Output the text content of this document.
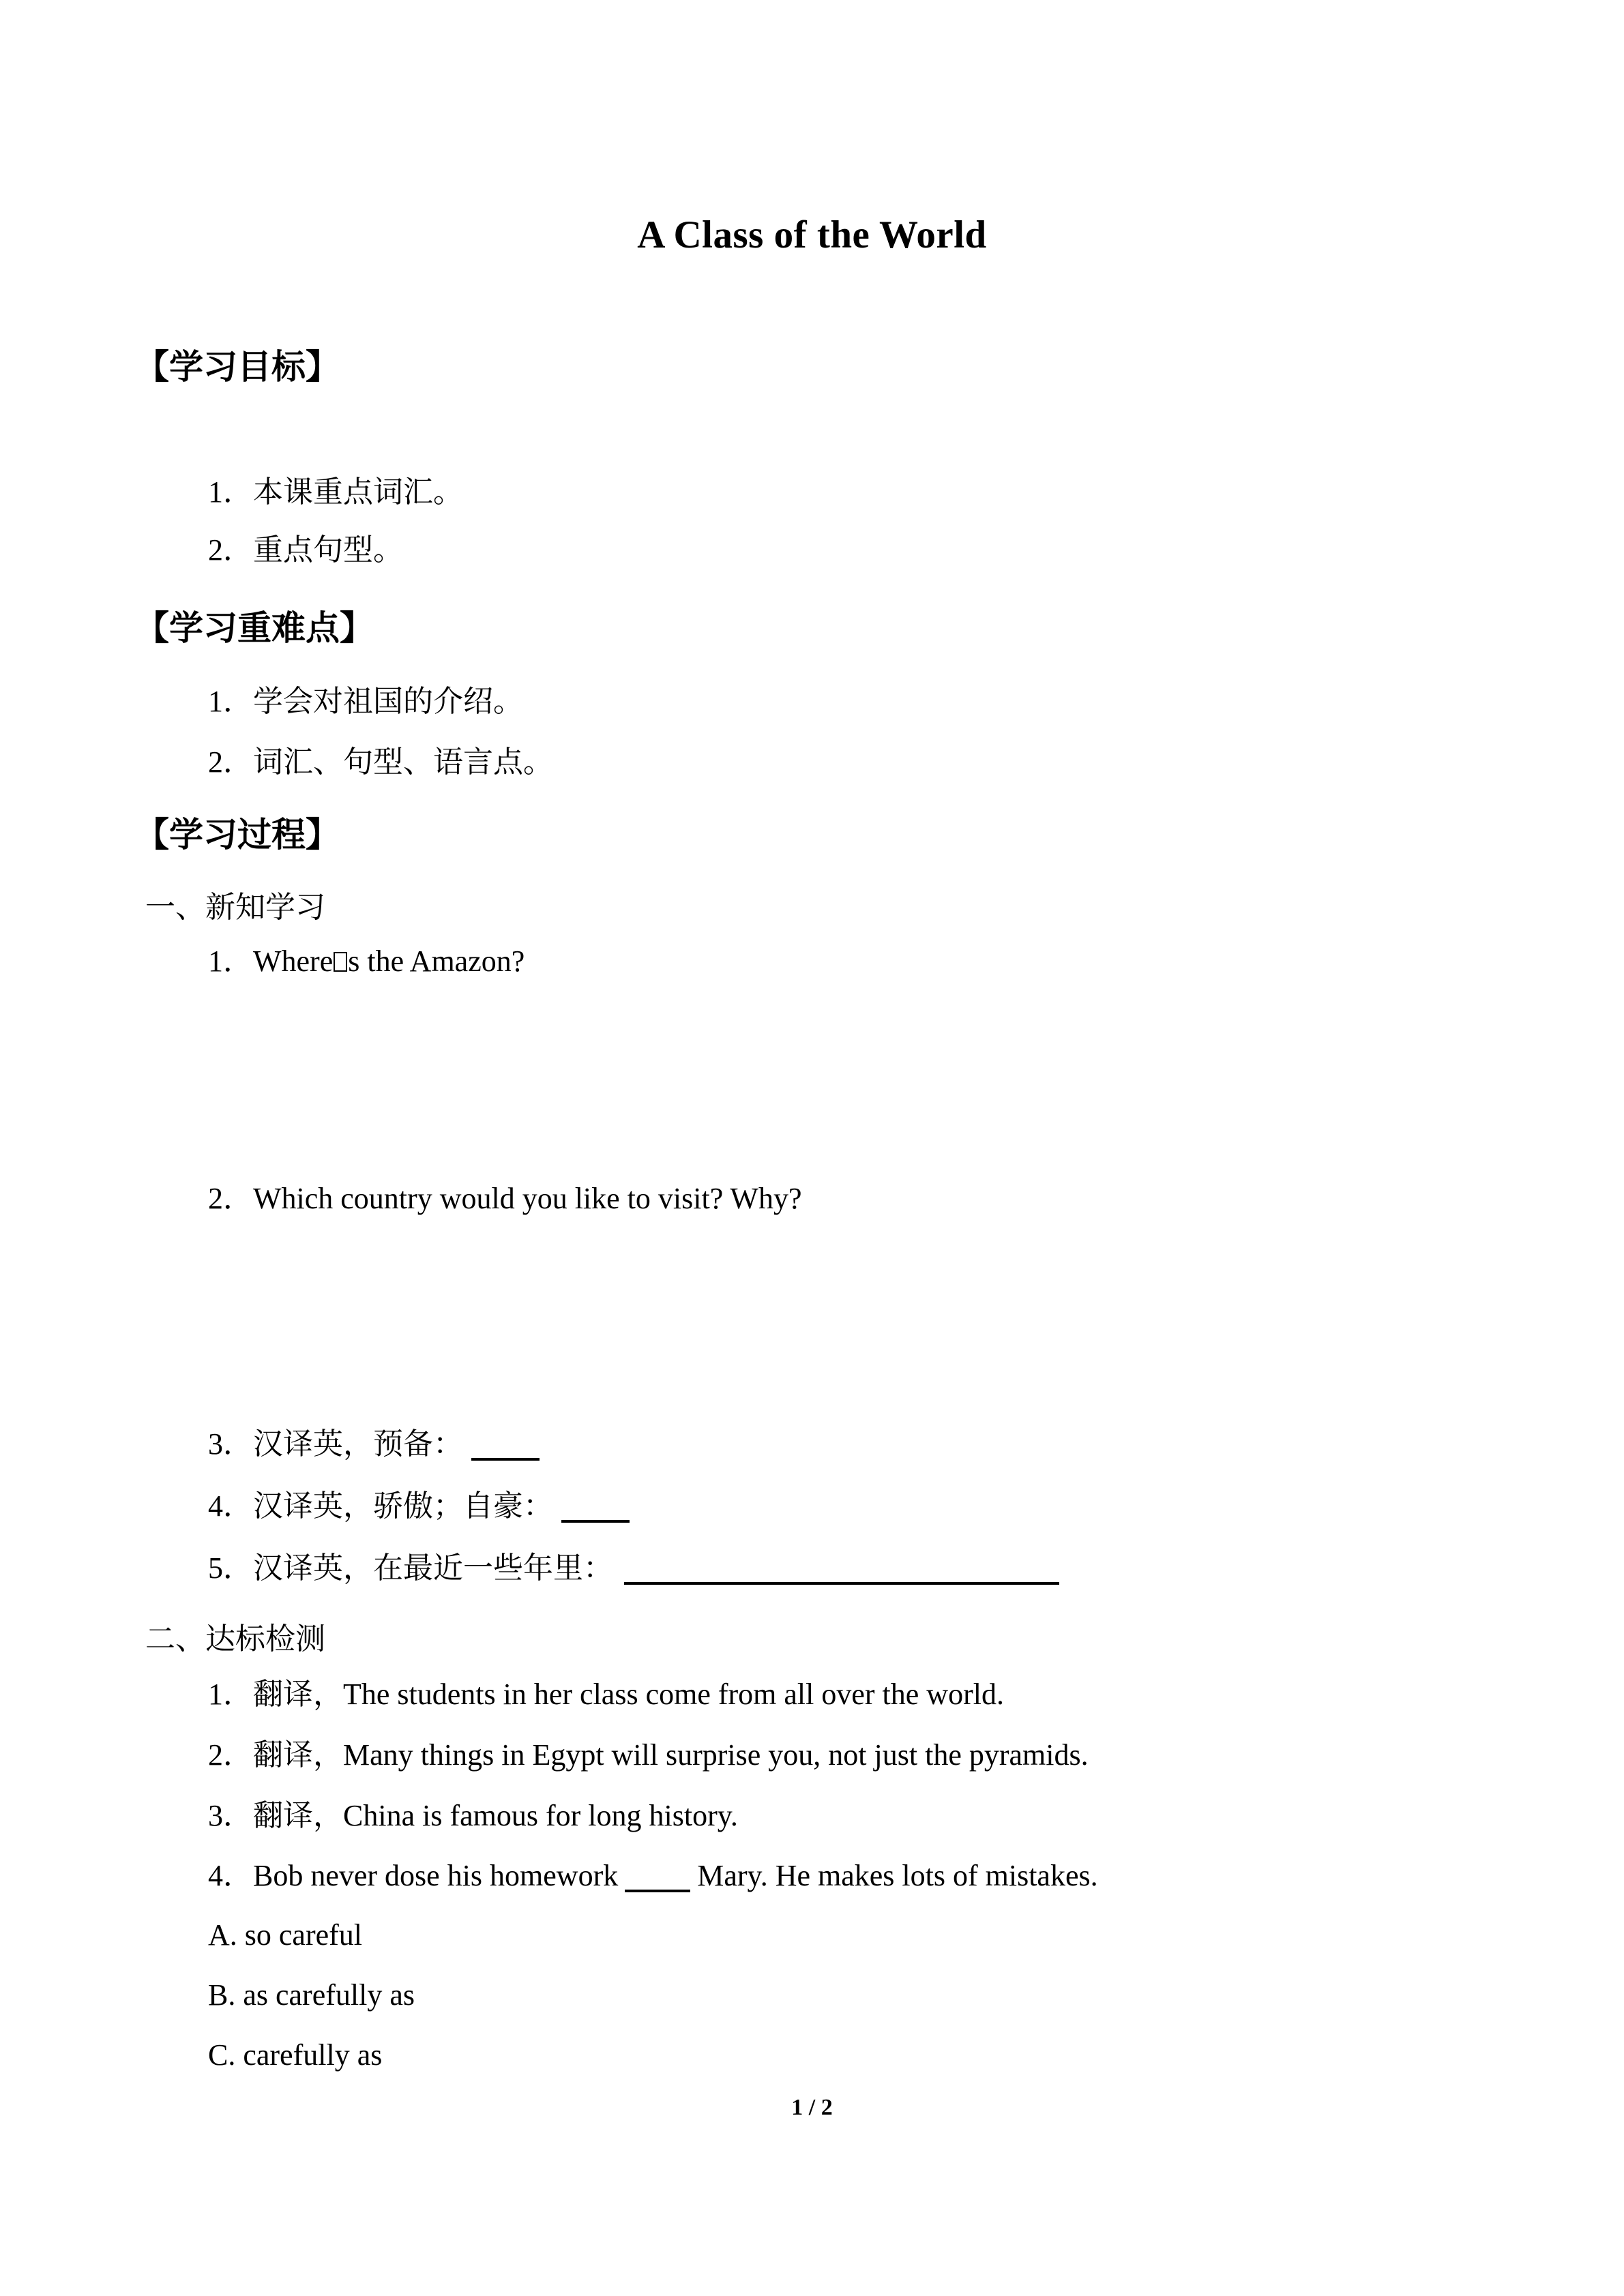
A Class of the World
【学习目标】
1．本课重点词汇。
2．重点句型。
【学习重难点】
1．学会对祖国的介绍。
2．词汇、句型、语言点。
【学习过程】
一、新知学习
1．Where s the Amazon?
2．Which country would you like to visit? Why?
3．汉译英，预备：
4．汉译英，骄傲；自豪：
5．汉译英，在最近一些年里：
二、达标检测
1．翻译，The students in her class come from all over the world.
2．翻译，Many things in Egypt will surprise you, not just the pyramids.
3．翻译，China is famous for long history.
4．Bob never dose his homework	Mary. He makes lots of mistakes.
A. so careful
B. as carefully as
C. carefully as
1 / 2
